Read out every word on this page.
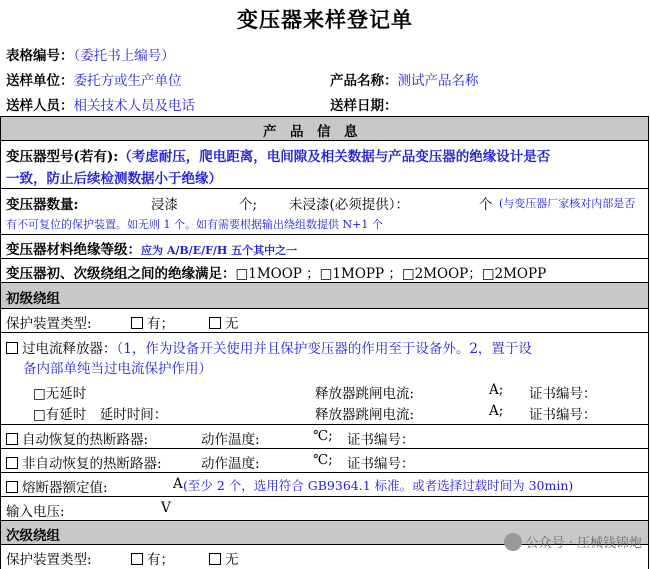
变压器来样登记单
表格编号：（委托书上编号）
送样单位：委托方或生产单位	产品名称：测试产品名称
送样人员：相关技术人员及电话	送样日期：
产　品　信　息
变压器型号(若有):（考虑耐压，爬电距离，电间隙及相关数据与产品变压器的绝缘设计是否
一致，防止后续检测数据小于绝缘）
变压器数量:	浸漆	个; 未浸漆(必须提供）：	个 (与变压器厂家核对内部是否
有不可复位的保护装置。如无则 1 个。如有需要根据输出绕组数提供 N+1 个
变压器材料绝缘等级：应为 A/B/E/F/H 五个其中之一
变压器初、次级绕组之间的绝缘满足：□1MOOP ；□1MOPP ；□2MOOP；□2MOPP
初级绕组
保护装置类型:	有；	无
过电流释放器：（1，作为设备开关使用并且保护变压器的作用至于设备外。2，置于设
备内部单纯当过电流保护作用）
□无延时	释放器跳闸电流:	A; 证书编号：
□有延时　延时时间：	释放器跳闸电流:	A; 证书编号：
自动恢复的热断路器:	动作温度:	℃; 证书编号：
非自动恢复的热断路器:	动作温度:	℃; 证书编号：
熔断器额定值:	A (至少 2 个，选用符合 GB9364.1 标准。或者选择过载时间为 30min)
输入电压:	V
次级绕组
保护装置类型:	有；	无
公众号 · 压械钱锦炮
